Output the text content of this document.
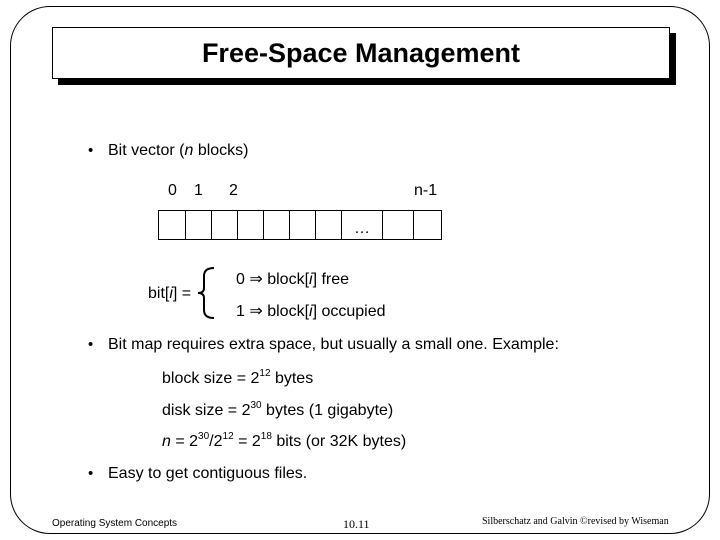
Free-Space Management
• Bit vector (n blocks)
0 1 2	n-1
…
bit[i] =
0 ⇒ block[i] free
1 ⇒ block[i] occupied
• Bit map requires extra space, but usually a small one. Example:
block size = $2^{12}$ bytes
disk size = $2^{30}$ bytes (1 gigabyte)
$n = 2^{30}/2^{12} = 2^{18}$ bits (or 32K bytes)
• Easy to get contiguous files.
Operating System Concepts	10.11	Silberschatz and Galvin ©revised by Wiseman
